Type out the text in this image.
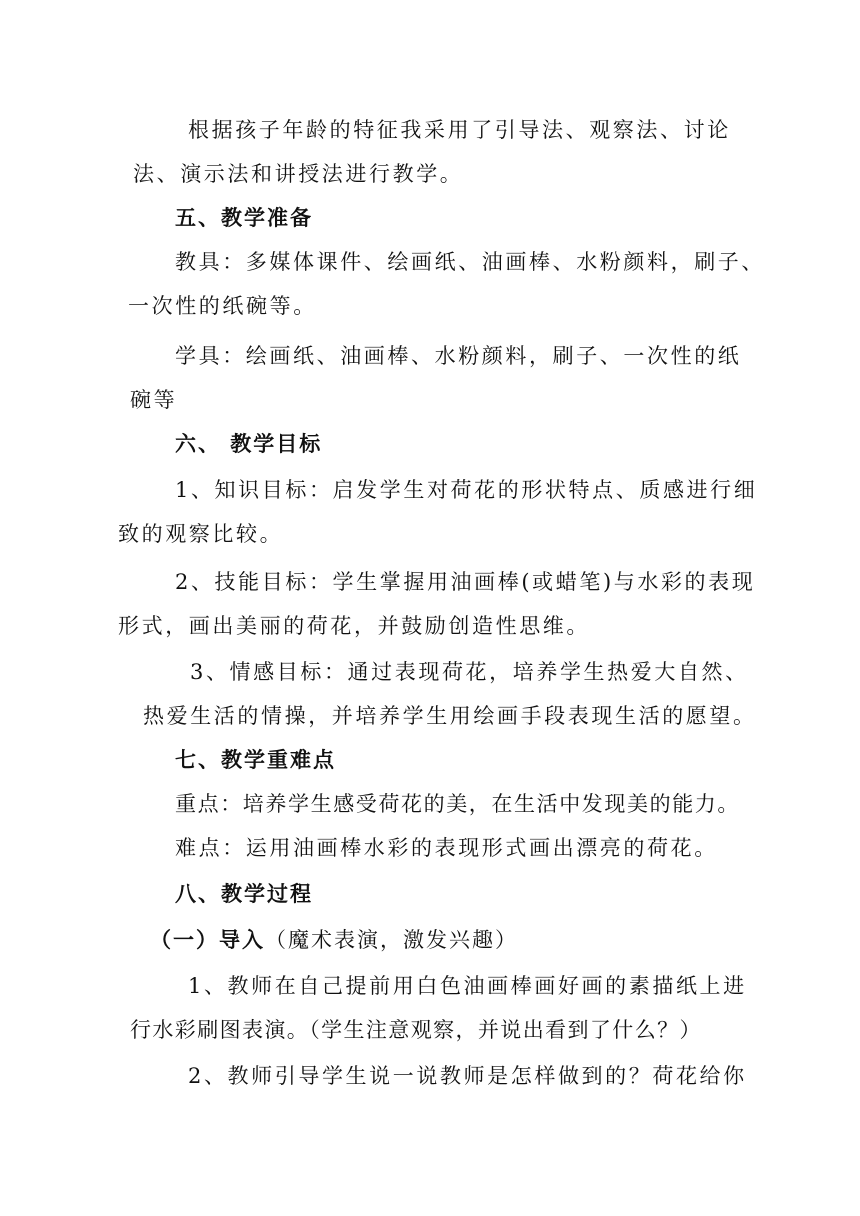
根据孩子年龄的特征我采用了引导法、观察法、讨论
法、演示法和讲授法进行教学。
五、教学准备
教具：多媒体课件、绘画纸、油画棒、水粉颜料，刷子、
一次性的纸碗等。
学具：绘画纸、油画棒、水粉颜料，刷子、一次性的纸
碗等
六、 教学目标
1、知识目标：启发学生对荷花的形状特点、质感进行细
致的观察比较。
2、技能目标：学生掌握用油画棒(或蜡笔)与水彩的表现
形式，画出美丽的荷花，并鼓励创造性思维。
3、情感目标：通过表现荷花，培养学生热爱大自然、
热爱生活的情操，并培养学生用绘画手段表现生活的愿望。
七、教学重难点
重点：培养学生感受荷花的美，在生活中发现美的能力。
难点：运用油画棒水彩的表现形式画出漂亮的荷花。
八、教学过程
（一）导入（魔术表演，激发兴趣）
1、教师在自己提前用白色油画棒画好画的素描纸上进
行水彩刷图表演。（学生注意观察，并说出看到了什么？）
2、教师引导学生说一说教师是怎样做到的？荷花给你
